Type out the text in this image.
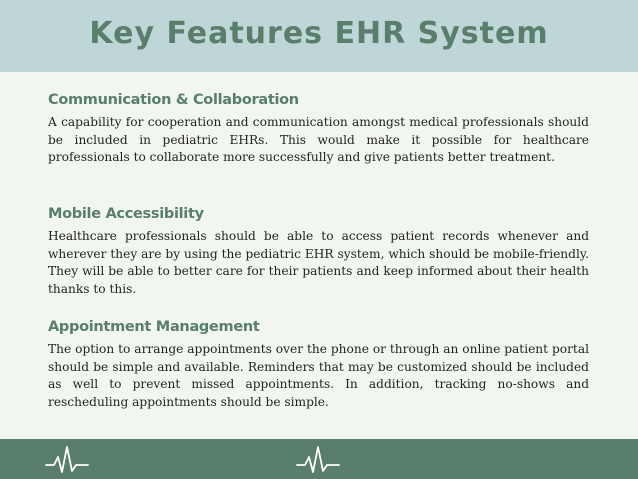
Key Features EHR System
Communication & Collaboration

A capability for cooperation and communication amongst medical professionals should be included in pediatric EHRs. This would make it possible for healthcare professionals to collaborate more successfully and give patients better treatment.

Mobile Accessibility

Healthcare professionals should be able to access patient records whenever and wherever they are by using the pediatric EHR system, which should be mobile-friendly. They will be able to better care for their patients and keep informed about their health thanks to this.

Appointment Management

The option to arrange appointments over the phone or through an online patient portal should be simple and available. Reminders that may be customized should be included as well to prevent missed appointments. In addition, tracking no-shows and rescheduling appointments should be simple.
